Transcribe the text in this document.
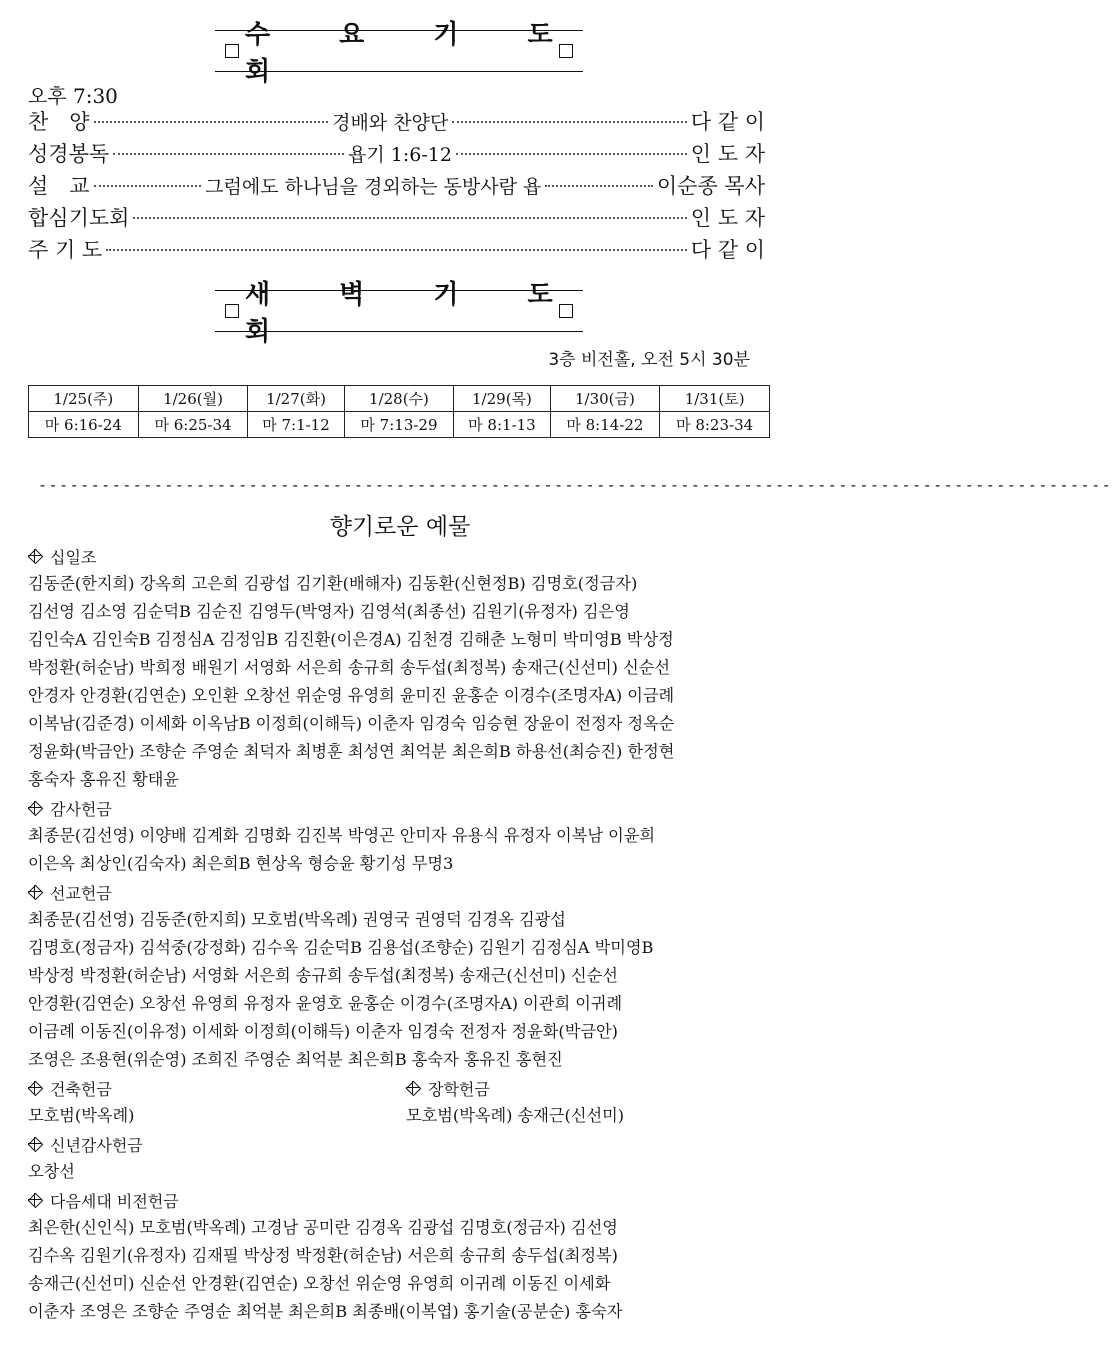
수 요 기 도 회
오후 7:30
찬　양	경배와 찬양단	다 같 이
성경봉독	욥기 1:6-12	인 도 자
설　교	그럼에도 하나님을 경외하는 동방사람 욥	이순종 목사
합심기도회	인 도 자
주 기 도	다 같 이
새 벽 기 도 회
3층 비전홀, 오전 5시 30분
1/25(주)	1/26(월)	1/27(화)	1/28(수)	1/29(목)	1/30(금)	1/31(토)
마 6:16-24	마 6:25-34	마 7:1-12	마 7:13-29	마 8:1-13	마 8:14-22	마 8:23-34
------------------------------------------------------------------------------------------------------
향기로운 예물
십일조
김동준(한지희) 강옥희 고은희 김광섭 김기환(배해자) 김동환(신현정B) 김명호(정금자)
김선영 김소영 김순덕B 김순진 김영두(박영자) 김영석(최종선) 김원기(유정자) 김은영
김인숙A 김인숙B 김정심A 김정임B 김진환(이은경A) 김천경 김해춘 노형미 박미영B 박상정
박정환(허순남) 박희정 배원기 서영화 서은희 송규희 송두섭(최정복) 송재근(신선미) 신순선
안경자 안경환(김연순) 오인환 오창선 위순영 유영희 윤미진 윤홍순 이경수(조명자A) 이금례
이복남(김준경) 이세화 이옥남B 이정희(이해득) 이춘자 임경숙 임승현 장윤이 전정자 정옥순
정윤화(박금안) 조향순 주영순 최덕자 최병훈 최성연 최억분 최은희B 하용선(최승진) 한정현
홍숙자 홍유진 황태윤
감사헌금
최종문(김선영) 이양배 김계화 김명화 김진복 박영곤 안미자 유용식 유정자 이복남 이윤희
이은옥 최상인(김숙자) 최은희B 현상옥 형승윤 황기성 무명3
선교헌금
최종문(김선영) 김동준(한지희) 모호범(박옥례) 권영국 권영덕 김경옥 김광섭
김명호(정금자) 김석중(강정화) 김수옥 김순덕B 김용섭(조향순) 김원기 김정심A 박미영B
박상정 박정환(허순남) 서영화 서은희 송규희 송두섭(최정복) 송재근(신선미) 신순선
안경환(김연순) 오창선 유영희 유정자 윤영호 윤홍순 이경수(조명자A) 이관희 이귀례
이금례 이동진(이유정) 이세화 이정희(이해득) 이춘자 임경숙 전정자 정윤화(박금안)
조영은 조용현(위순영) 조희진 주영순 최억분 최은희B 홍숙자 홍유진 홍현진
건축헌금
모호범(박옥례)
장학헌금
모호범(박옥례) 송재근(신선미)
신년감사헌금
오창선
다음세대 비전헌금
최은한(신인식) 모호범(박옥례) 고경남 공미란 김경옥 김광섭 김명호(정금자) 김선영
김수옥 김원기(유정자) 김재필 박상정 박정환(허순남) 서은희 송규희 송두섭(최정복)
송재근(신선미) 신순선 안경환(김연순) 오창선 위순영 유영희 이귀례 이동진 이세화
이춘자 조영은 조향순 주영순 최억분 최은희B 최종배(이복엽) 홍기술(공분순) 홍숙자
